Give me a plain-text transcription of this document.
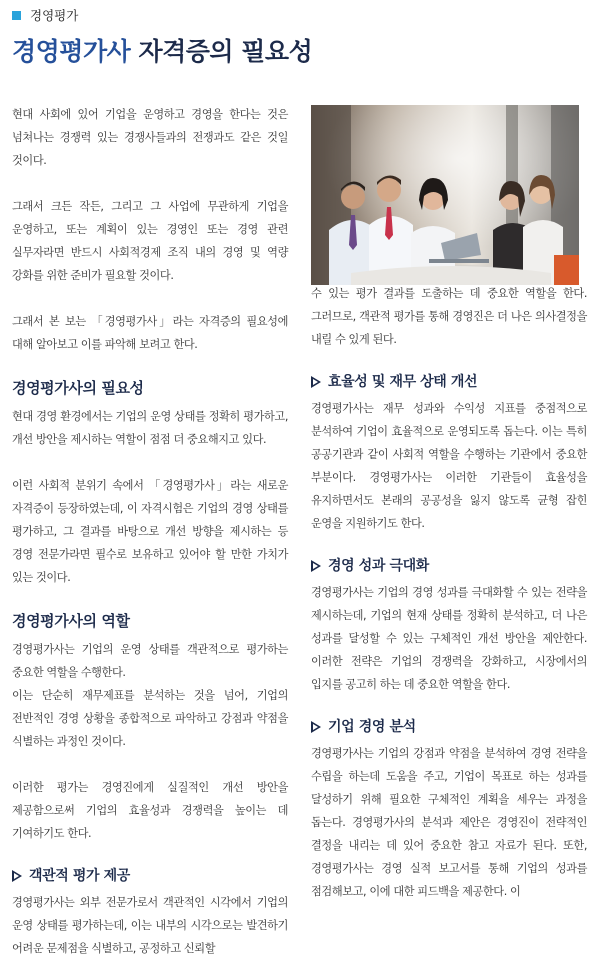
경영평가
경영평가사 자격증의 필요성

현대 사회에 있어 기업을 운영하고 경영을 한다는 것은 넘쳐나는 경쟁력 있는 경쟁사들과의 전쟁과도 같은 것일 것이다.

그래서 크든 작든, 그리고 그 사업에 무관하게 기업을 운영하고, 또는 계획이 있는 경영인 또는 경영 관련 실무자라면 반드시 사회적경제 조직 내의 경영 및 역량 강화를 위한 준비가 필요할 것이다.

그래서 본 보는 「경영평가사」라는 자격증의 필요성에 대해 알아보고 이를 파악해 보려고 한다.

경영평가사의 필요성

현대 경영 환경에서는 기업의 운영 상태를 정확히 평가하고, 개선 방안을 제시하는 역할이 점점 더 중요해지고 있다.

이런 사회적 분위기 속에서 「경영평가사」라는 새로운 자격증이 등장하였는데, 이 자격시험은 기업의 경영 상태를 평가하고, 그 결과를 바탕으로 개선 방향을 제시하는 등 경영 전문가라면 필수로 보유하고 있어야 할 만한 가치가 있는 것이다.

경영평가사의 역할

경영평가사는 기업의 운영 상태를 객관적으로 평가하는 중요한 역할을 수행한다.

이는 단순히 재무제표를 분석하는 것을 넘어, 기업의 전반적인 경영 상황을 종합적으로 파악하고 강점과 약점을 식별하는 과정인 것이다.

이러한 평가는 경영진에게 실질적인 개선 방안을 제공함으로써 기업의 효율성과 경쟁력을 높이는 데 기여하기도 한다.

객관적 평가 제공

경영평가사는 외부 전문가로서 객관적인 시각에서 기업의 운영 상태를 평가하는데, 이는 내부의 시각으로는 발견하기 어려운 문제점을 식별하고, 공정하고 신뢰할

수 있는 평가 결과를 도출하는 데 중요한 역할을 한다. 그러므로, 객관적 평가를 통해 경영진은 더 나은 의사결정을 내릴 수 있게 된다.

효율성 및 재무 상태 개선

경영평가사는 재무 성과와 수익성 지표를 중점적으로 분석하여 기업이 효율적으로 운영되도록 돕는다. 이는 특히 공공기관과 같이 사회적 역할을 수행하는 기관에서 중요한 부분이다. 경영평가사는 이러한 기관들이 효율성을 유지하면서도 본래의 공공성을 잃지 않도록 균형 잡힌 운영을 지원하기도 한다.

경영 성과 극대화

경영평가사는 기업의 경영 성과를 극대화할 수 있는 전략을 제시하는데, 기업의 현재 상태를 정확히 분석하고, 더 나은 성과를 달성할 수 있는 구체적인 개선 방안을 제안한다. 이러한 전략은 기업의 경쟁력을 강화하고, 시장에서의 입지를 공고히 하는 데 중요한 역할을 한다.

기업 경영 분석

경영평가사는 기업의 강점과 약점을 분석하여 경영 전략을 수립을 하는데 도움을 주고, 기업이 목표로 하는 성과를 달성하기 위해 필요한 구체적인 계획을 세우는 과정을 돕는다. 경영평가사의 분석과 제안은 경영진이 전략적인 결정을 내리는 데 있어 중요한 참고 자료가 된다. 또한, 경영평가사는 경영 실적 보고서를 통해 기업의 성과를 점검해보고, 이에 대한 피드백을 제공한다. 이
